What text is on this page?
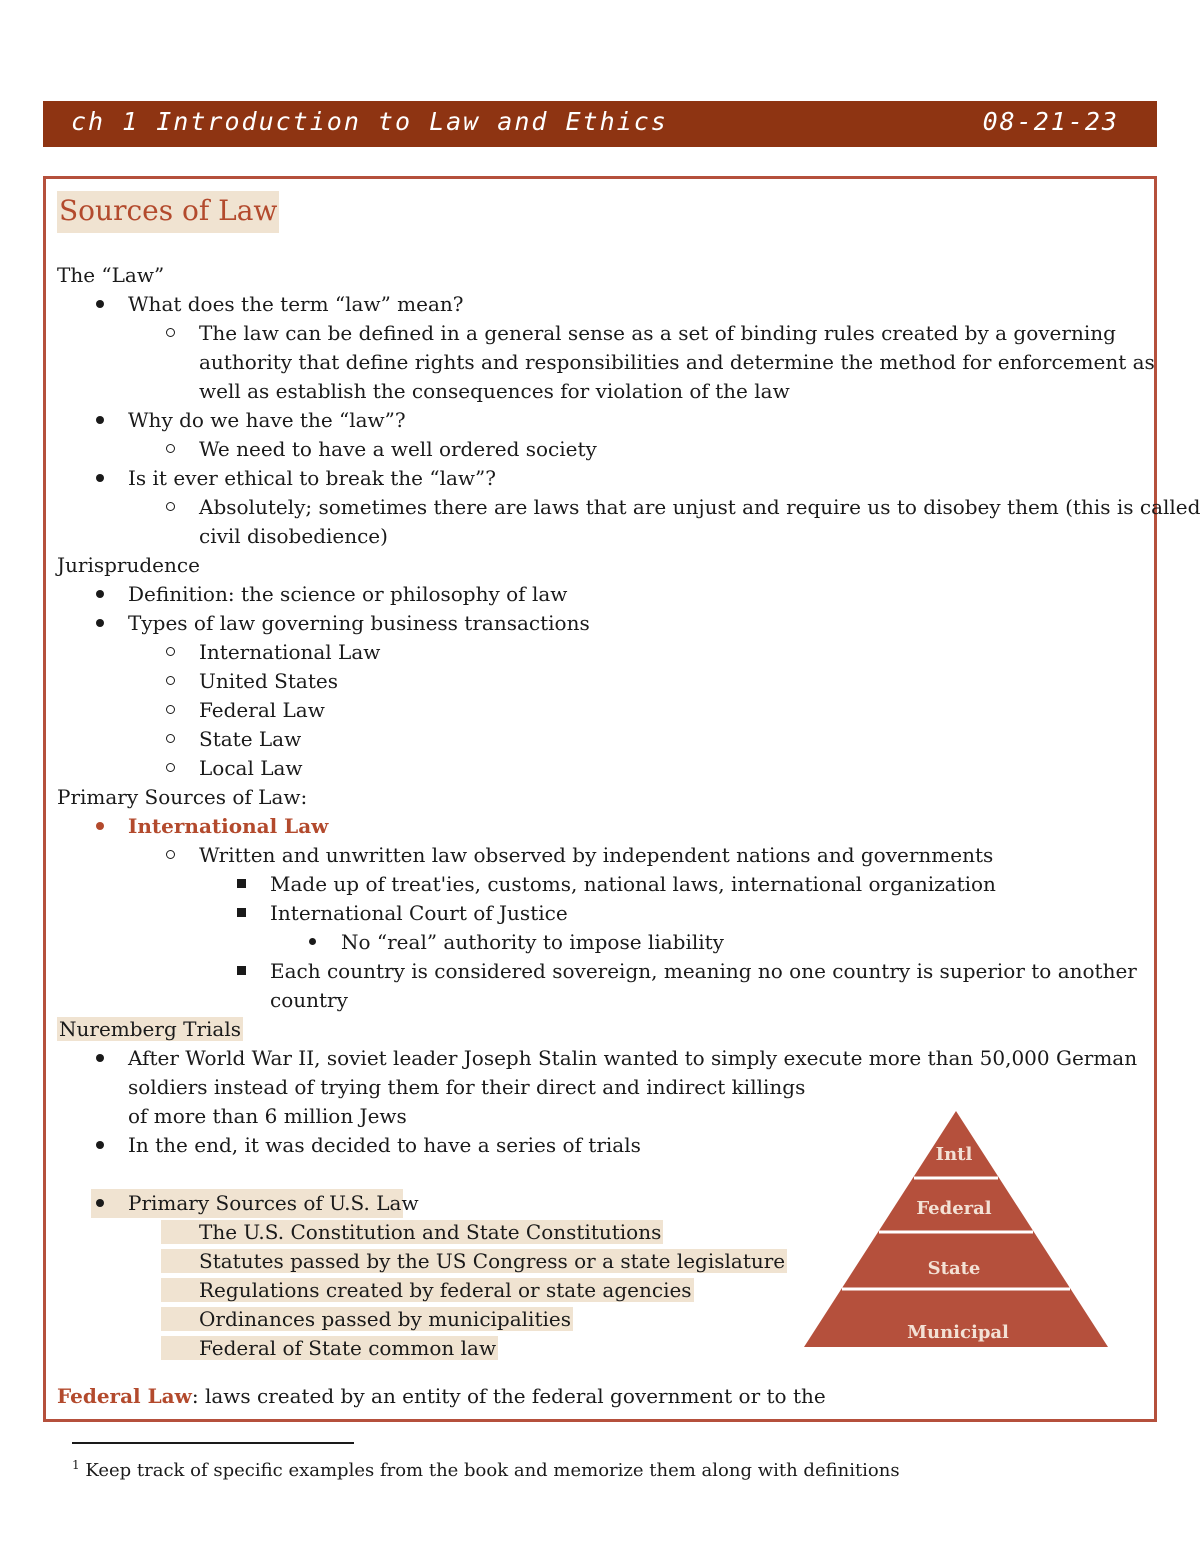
ch 1 Introduction to Law and Ethics	08-21-23
Sources of Law
The “Law”
What does the term “law” mean?
The law can be defined in a general sense as a set of binding rules created by a governing
authority that define rights and responsibilities and determine the method for enforcement as
well as establish the consequences for violation of the law
Why do we have the “law”?
We need to have a well ordered society
Is it ever ethical to break the “law”?
Absolutely; sometimes there are laws that are unjust and require us to disobey them (this is called
civil disobedience)
Jurisprudence
Definition: the science or philosophy of law
Types of law governing business transactions
International Law
United States
Federal Law
State Law
Local Law
Primary Sources of Law:
International Law
Written and unwritten law observed by independent nations and governments
Made up of treat'ies, customs, national laws, international organization
International Court of Justice
No “real” authority to impose liability
Each country is considered sovereign, meaning no one country is superior to another
country
Nuremberg Trials
After World War II, soviet leader Joseph Stalin wanted to simply execute more than 50,000 German
soldiers instead of trying them for their direct and indirect killings
of more than 6 million Jews
In the end, it was decided to have a series of trials
Primary Sources of U.S. Law
The U.S. Constitution and State Constitutions
Statutes passed by the US Congress or a state legislature
Regulations created by federal or state agencies
Ordinances passed by municipalities
Federal of State common law
Federal Law: laws created by an entity of the federal government or to the
Intl
Federal
State
Municipal
$^1$ Keep track of specific examples from the book and memorize them along with definitions
